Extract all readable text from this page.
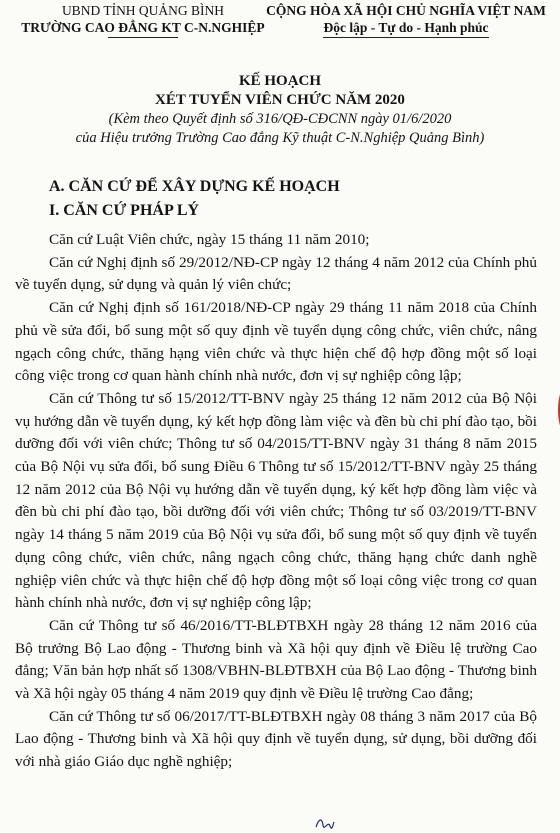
UBND TỈNH QUẢNG BÌNH
TRƯỜNG CAO ĐẲNG KT C-N.NGHIỆP
CỘNG HÒA XÃ HỘI CHỦ NGHĨA VIỆT NAM
Độc lập - Tự do - Hạnh phúc
KẾ HOẠCH
XÉT TUYỂN VIÊN CHỨC NĂM 2020
(Kèm theo Quyết định số 316/QĐ-CĐCNN ngày 01/6/2020
của Hiệu trưởng Trường Cao đẳng Kỹ thuật C-N.Nghiệp Quảng Bình)
A. CĂN CỨ ĐỂ XÂY DỰNG KẾ HOẠCH
I. CĂN CỨ PHÁP LÝ

Căn cứ Luật Viên chức, ngày 15 tháng 11 năm 2010;

Căn cứ Nghị định số 29/2012/NĐ-CP ngày 12 tháng 4 năm 2012 của Chính phủ về tuyển dụng, sử dụng và quản lý viên chức;

Căn cứ Nghị định số 161/2018/NĐ-CP ngày 29 tháng 11 năm 2018 của Chính phủ về sửa đổi, bổ sung một số quy định về tuyển dụng công chức, viên chức, nâng ngạch công chức, thăng hạng viên chức và thực hiện chế độ hợp đồng một số loại công việc trong cơ quan hành chính nhà nước, đơn vị sự nghiệp công lập;

Căn cứ Thông tư số 15/2012/TT-BNV ngày 25 tháng 12 năm 2012 của Bộ Nội vụ hướng dẫn về tuyển dụng, ký kết hợp đồng làm việc và đền bù chi phí đào tạo, bồi dưỡng đối với viên chức; Thông tư số 04/2015/TT-BNV ngày 31 tháng 8 năm 2015 của Bộ Nội vụ sửa đổi, bổ sung Điều 6 Thông tư số 15/2012/TT-BNV ngày 25 tháng 12 năm 2012 của Bộ Nội vụ hướng dẫn về tuyển dụng, ký kết hợp đồng làm việc và đền bù chi phí đào tạo, bồi dưỡng đối với viên chức; Thông tư số 03/2019/TT-BNV ngày 14 tháng 5 năm 2019 của Bộ Nội vụ sửa đổi, bổ sung một số quy định về tuyển dụng công chức, viên chức, nâng ngạch công chức, thăng hạng chức danh nghề nghiệp viên chức và thực hiện chế độ hợp đồng một số loại công việc trong cơ quan hành chính nhà nước, đơn vị sự nghiệp công lập;

Căn cứ Thông tư số 46/2016/TT-BLĐTBXH ngày 28 tháng 12 năm 2016 của Bộ trưởng Bộ Lao động - Thương binh và Xã hội quy định về Điều lệ trường Cao đẳng; Văn bản hợp nhất số 1308/VBHN-BLĐTBXH của Bộ Lao động - Thương binh và Xã hội ngày 05 tháng 4 năm 2019 quy định về Điều lệ trường Cao đẳng;

Căn cứ Thông tư số 06/2017/TT-BLĐTBXH ngày 08 tháng 3 năm 2017 của Bộ Lao động - Thương binh và Xã hội quy định về tuyển dụng, sử dụng, bồi dưỡng đối với nhà giáo Giáo dục nghề nghiệp;
